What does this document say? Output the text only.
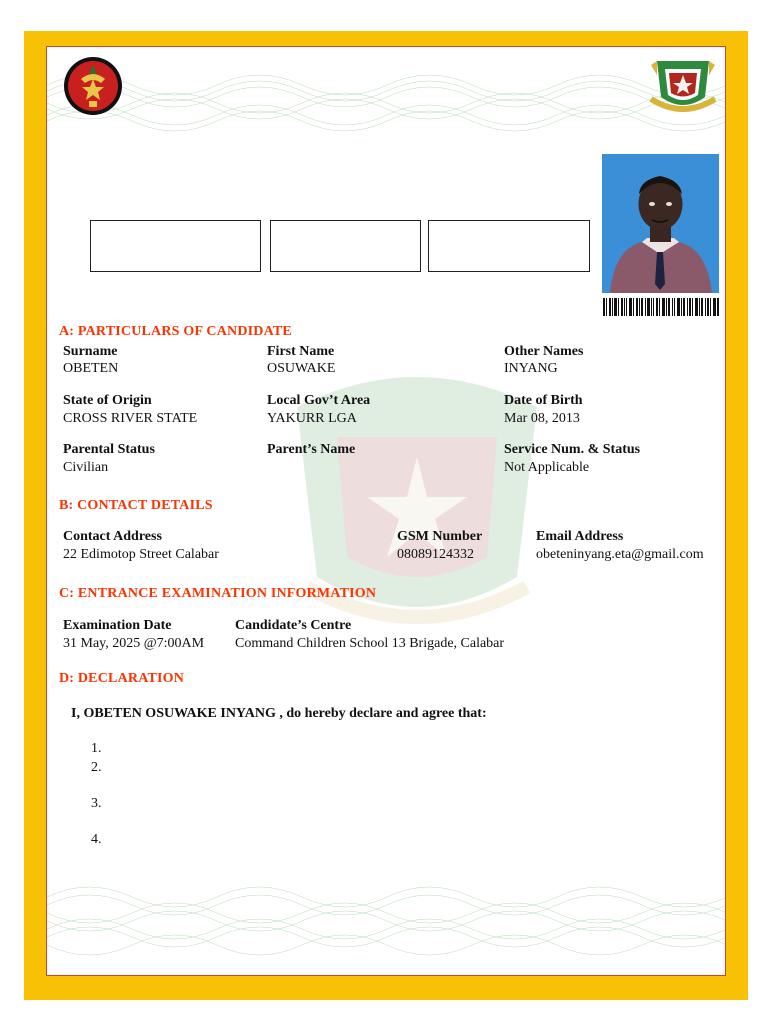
A: PARTICULARS OF CANDIDATE
Surname
OBETEN
First Name
OSUWAKE
Other Names
INYANG
State of Origin
CROSS RIVER STATE
Local Gov’t Area
YAKURR LGA
Date of Birth
Mar 08, 2013
Parental Status
Civilian
Parent’s Name	Service Num. & Status
Not Applicable
B: CONTACT DETAILS
Contact Address
22 Edimotop Street Calabar
GSM Number
08089124332
Email Address
obeteninyang.eta@gmail.com
C: ENTRANCE EXAMINATION INFORMATION
Examination Date
31 May, 2025 @7:00AM
Candidate’s Centre
Command Children School 13 Brigade, Calabar
D: DECLARATION
I, OBETEN OSUWAKE INYANG , do hereby declare and agree that:
1.
2.
3.
4.
